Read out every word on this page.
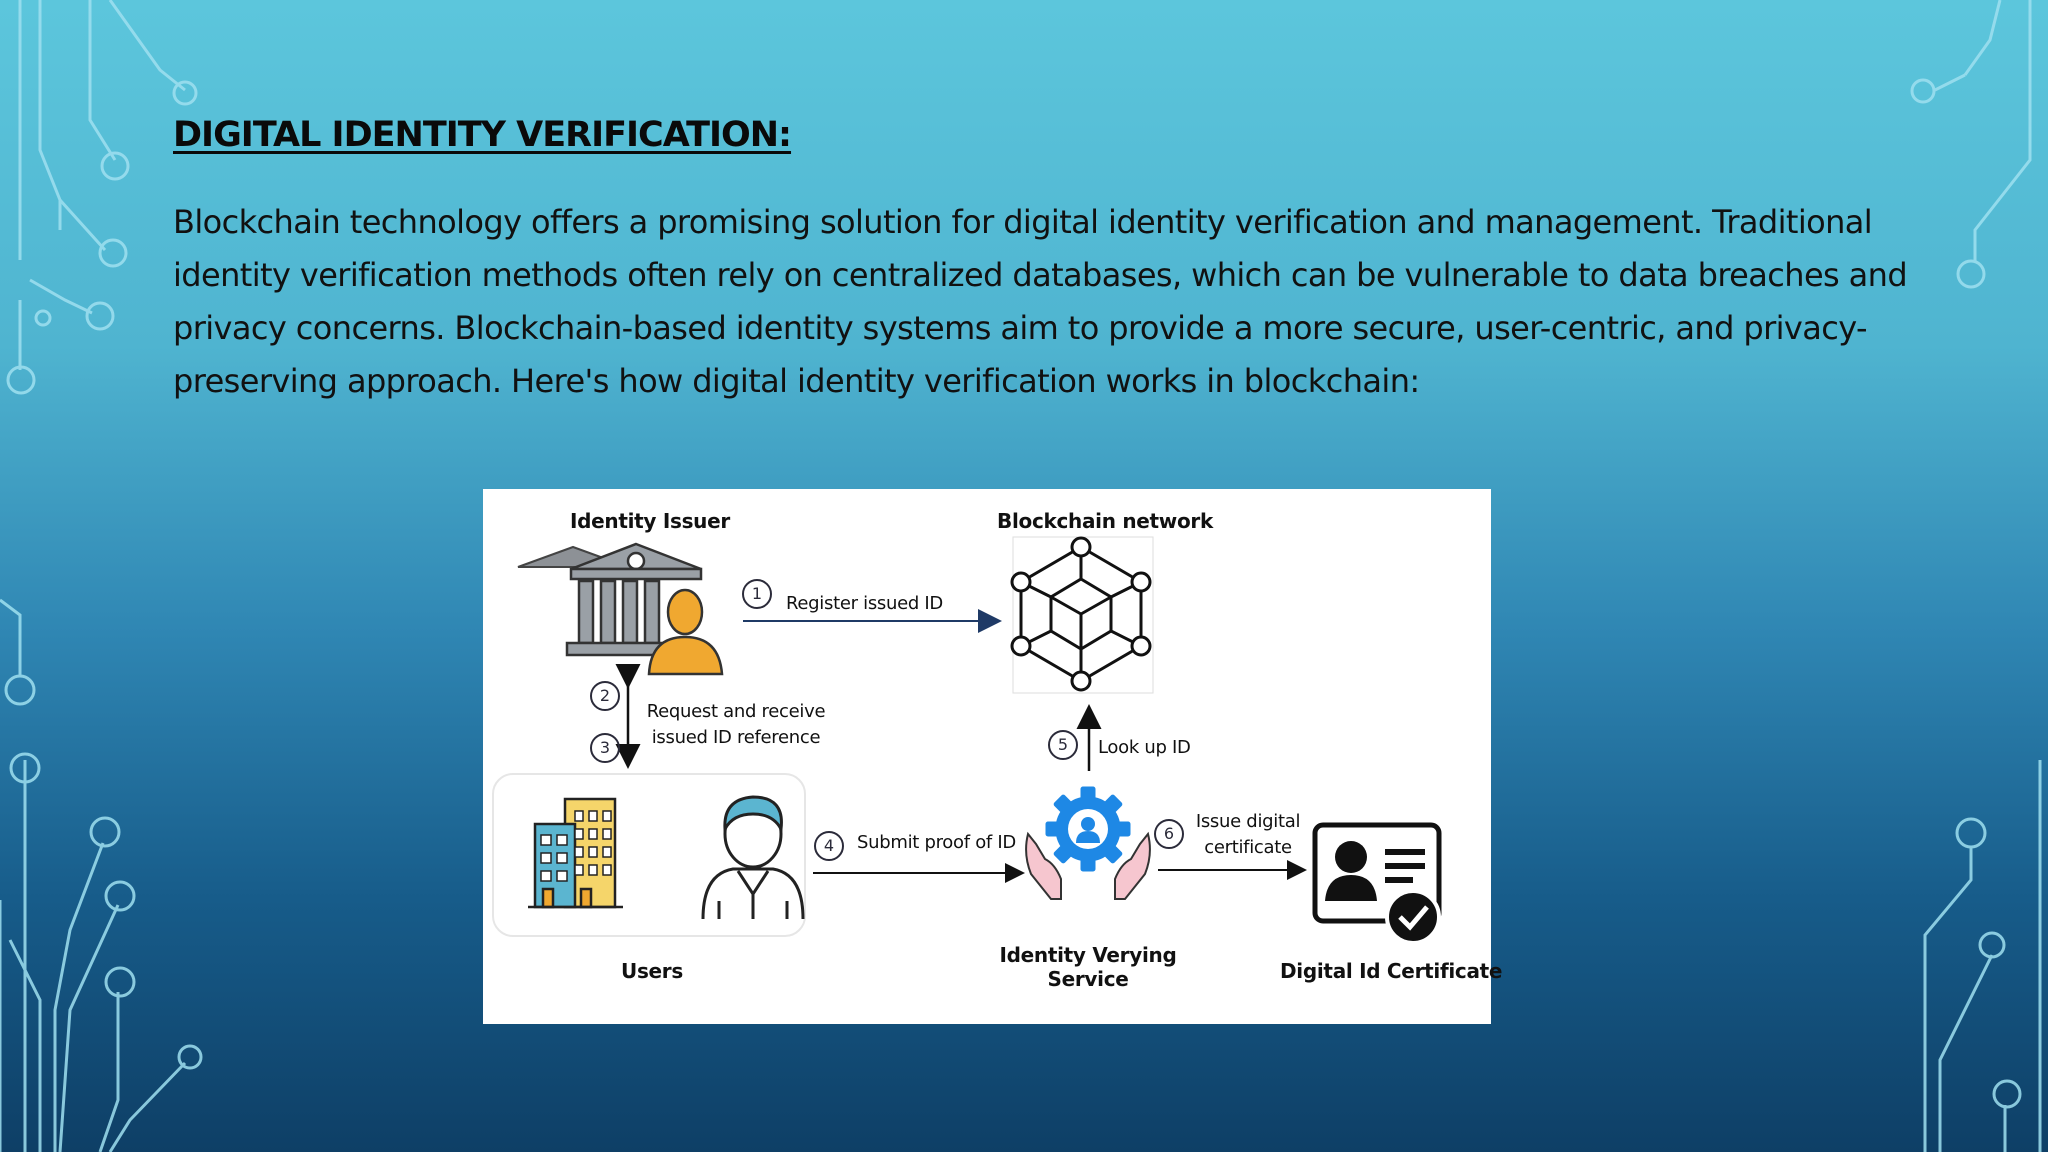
DIGITAL IDENTITY VERIFICATION:

Blockchain technology offers a promising solution for digital identity verification and management. Traditional identity verification methods often rely on centralized databases, which can be vulnerable to data breaches and privacy concerns. Blockchain-based identity systems aim to provide a more secure, user-centric, and privacy-preserving approach. Here's how digital identity verification works in blockchain:

Identity Issuer	Blockchain network
Users
Identity Verying
Service	Digital Id Certificate
1	Register issued ID
2
3
Request and receive
issued ID reference	5	Look up ID
4	Submit proof of ID	6
Issue digital
certificate
